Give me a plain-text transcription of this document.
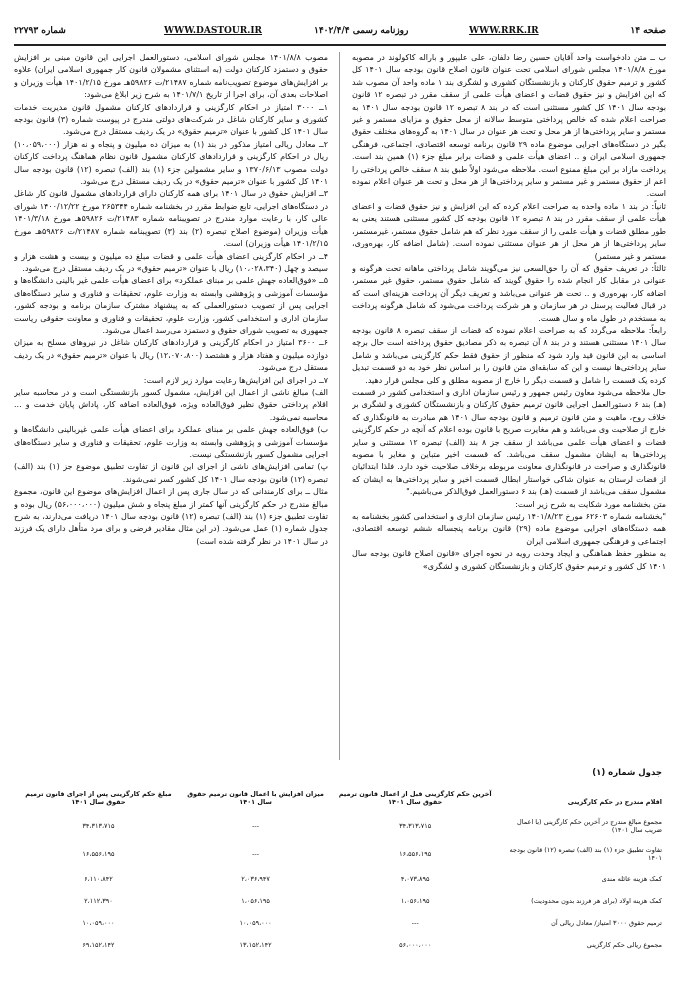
صفحه ۱۴
WWW.RRK.IR
روزنامه رسمی ۱۴۰۲/۴/۴
WWW.DASTOUR.IR
شماره ۲۲۷۹۳

ب ــ متن دادخواست واحد آقایان حسین رضا دلفان، علی علیپور و باراله کاکولوند در مصوبه مورخ ۱۴۰۱/۸/۸ مجلس شورای اسلامی تحت عنوان قانون اصلاح قانون بودجه سال ۱۴۰۱ کل کشور و ترمیم حقوق کارکنان و بازنشستگان کشوری و لشگری بند ۱ ماده واحد آن مصوب شد که این افزایش و نیز حقوق قضات و اعضای هیأت علمی از سقف مقرر در تبصره ۱۲ قانون بودجه سال ۱۴۰۱ کل کشور مستثنی است که در بند ۸ تبصره ۱۲ قانون بودجه سال ۱۴۰۱ به صراحت اعلام شده که خالص پرداختی متوسط سالانه از محل حقوق و مزایای مستمر و غیر مستمر و سایر پرداختی‌ها از هر محل و تحت هر عنوان در سال ۱۴۰۱ به گروه‌های مختلف حقوق بگیر در دستگاه‌های اجرایی موضوع ماده ۲۹ قانون برنامه توسعه اقتصادی، اجتماعی، فرهنگی جمهوری اسلامی ایران و .. اعضای هیأت علمی و قضات برابر مبلغ جزء (۱) همین بند است. پرداخت مازاد بر این مبلغ ممنوع است. ملاحظه می‌شود اولاً طبق بند ۸ سقف خالص پرداختی را اعم از حقوق مستمر و غیر مستمر و سایر پرداختی‌ها از هر محل و تحت هر عنوان اعلام نموده است.

ثانیاً: در بند ۱ ماده واحده به صراحت اعلام کرده که این افزایش و نیز حقوق قضات و اعضای هیأت علمی از سقف مقرر در بند ۸ تبصره ۱۲ قانون بودجه کل کشور مستثنی هستند یعنی به طور مطلق قضات و هیأت علمی را از سقف مورد نظر که هم شامل حقوق مستمر، غیرمستمر، سایر پرداختی‌ها از هر محل از هر عنوان مستثنی نموده است. (شامل اضافه کار، بهره‌وری، مستمر و غیر مستمر)

ثالثاً: در تعریف حقوق که آن را حق‌السعی نیز می‌گویند شامل پرداختی ماهانه تحت هرگونه و عنوانی در مقابل کار انجام شده را حقوق گویند که شامل حقوق مستمر، حقوق غیر مستمر، اضافه کار، بهره‌وری و .. تحت هر عنوانی می‌باشد و تعریف دیگر آن پرداخت هزینه‌ای است که در قبال فعالیت پرسنل در هر سازمان و هر شرکت پرداخت می‌شود که شامل هرگونه پرداخت به مستخدم در طول ماه و سال هست.

رابعاً: ملاحظه می‌گردد که به صراحت اعلام نموده که قضات از سقف تبصره ۸ قانون بودجه سال ۱۴۰۱ مستثنی هستند و در بند ۸ آن تبصره به ذکر مصادیق حقوق پرداخته است حال برچه اساسی به این قانون قید وارد شود که منظور از حقوق فقط حکم کارگزینی می‌باشد و شامل سایر پرداختی‌ها نیست و این که سابقه‌ای متن قانون را بر اساس نظر خود به دو قسمت تبدیل کرده یک قسمت را شامل و قسمت دیگر را خارج از مصوبه مطلق و کلی مجلس قرار دهید.

حال ملاحظه می‌شود معاون رئیس جمهور و رئیس سازمان اداری و استخدامی کشور در قسمت (هـ) بند ۶ دستورالعمل اجرایی قانون ترمیم حقوق کارکنان و بازنشستگان کشوری و لشگری بر خلاف روح، ماهیت و متن قانون ترمیم و قانون بودجه سال ۱۴۰۱ هم مبادرت به قانونگذاری که خارج از صلاحیت وی می‌باشد و هم مغایرت صریح با قانون بوده اعلام که آنچه در حکم کارگزینی قضات و اعضای هیأت علمی می‌باشد از سقف جز ۸ بند (الف) تبصره ۱۲ مستثنی و سایر پرداختی‌ها به ایشان مشمول سقف می‌باشد. که قسمت اخیر متباین و مغایر با مصوبه قانونگذاری و صراحت در قانونگذاری معاونت مربوطه برخلاف صلاحیت خود دارد. فلذا ابتدائیان از قضات لرستان به عنوان شاکی خواستار ابطال قسمت اخیر و سایر پرداختی‌ها به ایشان که مشمول سقف می‌باشد از قسمت (هـ) بند ۶ دستورالعمل فوق‌الذکر می‌باشیم."

متن بخشنامه مورد شکایت به شرح زیر است:

"بخشنامه شماره ۶۲۶۰۳ مورخ ۱۴۰۱/۸/۲۳ رئیس سازمان اداری و استخدامی کشور بخشنامه به همه دستگاه‌های اجرایی موضوع ماده (۲۹) قانون برنامه پنجساله ششم توسعه اقتصادی، اجتماعی و فرهنگی جمهوری اسلامی ایران

به منظور حفظ هماهنگی و ایجاد وحدت رویه در نحوه اجرای «قانون اصلاح قانون بودجه سال ۱۴۰۱ کل کشور و ترمیم حقوق کارکنان و بازنشستگان کشوری و لشگری»

مصوب ۱۴۰۱/۸/۸ مجلس شورای اسلامی، دستورالعمل اجرایی این قانون مبنی بر افزایش حقوق و دستمزد کارکنان دولت (به استثنای مشمولان قانون کار جمهوری اسلامی ایران) علاوه بر افزایش‌های موضوع تصویب‌نامه شماره ۲۱۴۸۷/ت ۵۹۸۲۶هـ مورخ ۱۴۰۱/۲/۱۵ هیأت وزیران و اصلاحات بعدی آن، برای اجرا از تاریخ ۱۴۰۱/۷/۱ به شرح زیر ابلاغ می‌شود:

۱ــ ۳۰۰۰ امتیاز در احکام کارگزینی و قراردادهای کارکنان مشمول قانون مدیریت خدمات کشوری و سایر کارکنان شاغل در شرکت‌های دولتی مندرج در پیوست شماره (۳) قانون بودجه سال ۱۴۰۱ کل کشور با عنوان «ترمیم حقوق» در یک ردیف مستقل درج می‌شود.

۲ــ معادل ریالی امتیاز مذکور در بند (۱) به میزان ده میلیون و پنجاه و نه هزار (۱۰،۰۵۹،۰۰۰) ریال در احکام کارگزینی و قراردادهای کارکنان مشمول قانون نظام هماهنگ پرداخت کارکنان دولت مصوب ۱۳۷۰/۶/۱۳ و سایر مشمولین جزء (۱) بند (الف) تبصره (۱۲) قانون بودجه سال ۱۴۰۱ کل کشور با عنوان «ترمیم حقوق» در یک ردیف مستقل درج می‌شود.

۳ــ افزایش حقوق در سال ۱۴۰۱ برای همه کارکنان دارای قراردادهای مشمول قانون کار شاغل در دستگاه‌های اجرایی، تابع ضوابط مقرر در بخشنامه شماره ۲۶۵۳۴۴ مورخ ۱۴۰۰/۱۲/۲۲ شورای عالی کار، با رعایت موارد مندرج در تصویبنامه شماره ۲۱۴۸۳/ت ۵۹۸۲۶هـ مورخ ۱۴۰۱/۳/۱۸ هیأت وزیران (موضوع اصلاح تبصره (۲) بند (۳) تصویبنامه شماره ۲۱۴۸۷/ت ۵۹۸۲۶هـ مورخ ۱۴۰۱/۲/۱۵ هیأت وزیران) است.

۴ــ در احکام کارگزینی اعضای هیأت علمی و قضات مبلغ ده میلیون و بیست و هشت هزار و سیصد و چهل (۱۰،۰۲۸،۳۴۰) ریال با عنوان «ترمیم حقوق» در یک ردیف مستقل درج می‌شود.

۵ــ «فوق‌العاده جهش علمی بر مبنای عملکرد» برای اعضای هیأت علمی غیر بالینی دانشگاه‌ها و مؤسسات آموزشی و پژوهشی وابسته به وزارت علوم، تحقیقات و فناوری و سایر دستگاه‌های اجرایی پس از تصویب دستورالعملی که به پیشنهاد مشترک سازمان برنامه و بودجه کشور، سازمان اداری و استخدامی کشور، وزارت علوم، تحقیقات و فناوری و معاونت حقوقی ریاست جمهوری به تصویب شورای حقوق و دستمزد می‌رسد اعمال می‌شود.

۶ــ ۳۶۰۰ امتیاز در احکام کارگزینی و قراردادهای کارکنان شاغل در نیروهای مسلح به میزان دوازده میلیون و هفتاد هزار و هشتصد (۱۲،۰۷۰،۸۰۰) ریال با عنوان «ترمیم حقوق» در یک ردیف مستقل درج می‌شود.

۷ــ در اجرای این افزایش‌ها رعایت موارد زیر لازم است:

الف) مبالغ ناشی از اعمال این افزایش، مشمول کسور بازنشستگی است و در محاسبه سایر اقلام پرداختی حقوق نظیر فوق‌العاده ویژه، فوق‌العاده اضافه کار، پاداش پایان خدمت و ... محاسبه نمی‌شود.

ب) فوق‌العاده جهش علمی بر مبنای عملکرد برای اعضای هیأت علمی غیربالینی دانشگاه‌ها و مؤسسات آموزشی و پژوهشی وابسته به وزارت علوم، تحقیقات و فناوری و سایر دستگاه‌های اجرایی مشمول کسور بازنشستگی نیست.

پ) تمامی افزایش‌های ناشی از اجرای این قانون از تفاوت تطبیق موضوع جز (۱) بند (الف) تبصره (۱۲) قانون بودجه سال ۱۴۰۱ کل کشور کسر نمی‌شوند.

مثال ــ برای کارمندانی که در سال جاری پس از اعمال افزایش‌های موضوع این قانون، مجموع مبالغ مندرج در حکم کارگزینی آنها کمتر از مبلغ پنجاه و شش میلیون (۵۶،۰۰۰،۰۰۰) ریال بوده و تفاوت تطبیق جزء (۱) بند (الف) تبصره (۱۲) قانون بودجه سال ۱۴۰۱ دریافت می‌دارند، به شرح جدول شماره (۱) عمل می‌شود. (در این مثال مقادیر فرضی و برای مرد متأهل دارای یک فرزند در سال ۱۴۰۱ در نظر گرفته شده است)

جدول شماره (۱)
اقلام مندرج در حکم کارگزینی	آخرین حکم کارگزینی قبل از اعمال قانون ترمیم حقوق سال ۱۴۰۱	میزان افزایش با اعمال قانون ترمیم حقوق سال ۱۴۰۱	مبلغ حکم کارگزینی پس از اجرای قانون ترمیم حقوق سال ۱۴۰۱
مجموع مبالغ مندرج در آخرین حکم کارگزینی (با اعمال ضریب سال ۱۴۰۱)	۳۴،۳۱۳،۷۱۵	---	۳۴،۳۱۳،۷۱۵
تفاوت تطبیق جزء (۱) بند (الف) تبصره (۱۲) قانون بودجه ۱۴۰۱	۱۶،۵۵۶،۱۹۵	---	۱۶،۵۵۶،۱۹۵
کمک هزینه عائله مندی	۴،۰۷۳،۸۹۵	۲،۰۳۶،۹۴۷	۶،۱۱۰،۸۴۲
کمک هزینه اولاد (برای هر فرزند بدون محدودیت)	۱،۰۵۶،۱۹۵	۱،۰۵۶،۱۹۵	۲،۱۱۲،۳۹۰
ترمیم حقوق ۳۰۰۰ امتیاز/ معادل ریالی آن	---	۱۰،۰۵۹،۰۰۰	۱۰،۰۵۹،۰۰۰
مجموع ریالی حکم کارگزینی	۵۶،۰۰۰،۰۰۰	۱۳،۱۵۲،۱۴۲	۶۹،۱۵۲،۱۴۲
